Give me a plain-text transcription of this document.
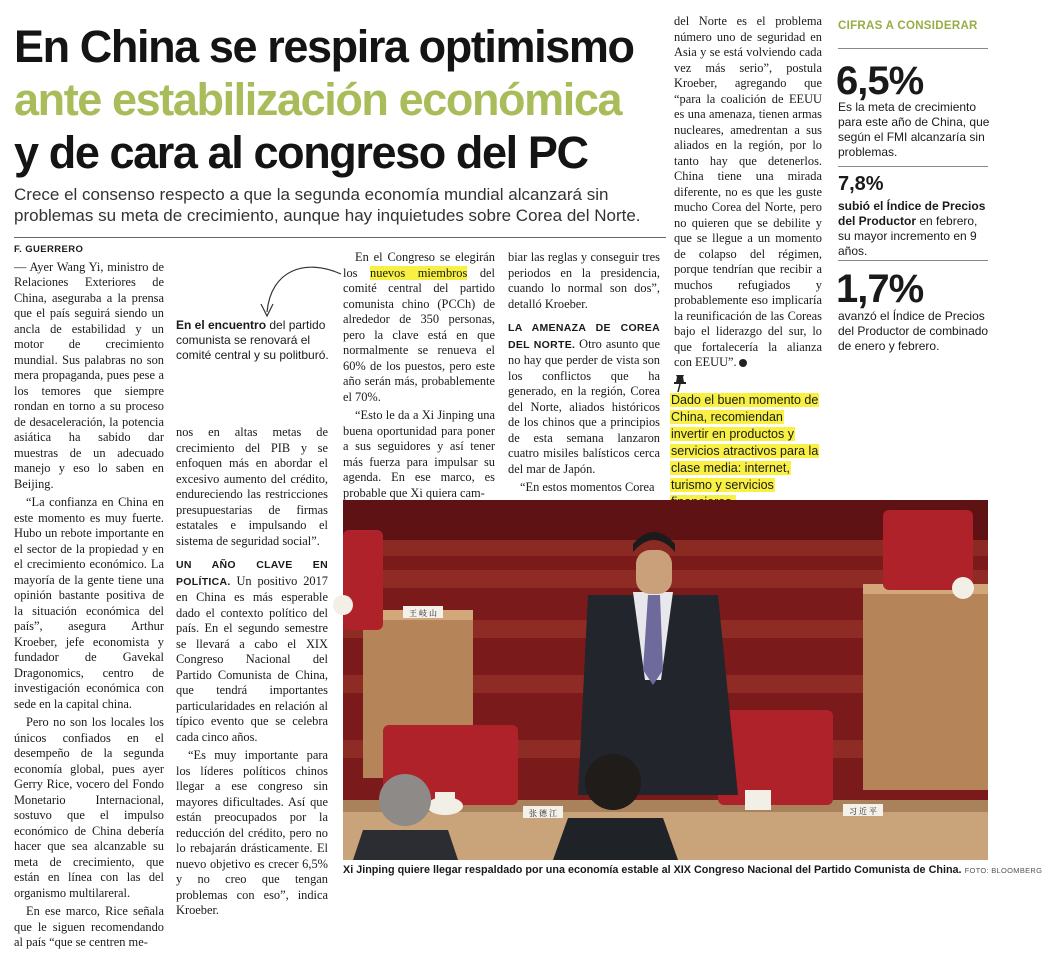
En China se respira optimismo
ante estabilización económica
y de cara al congreso del PC
Crece el consenso respecto a que la segunda economía mundial alcanzará sin problemas su meta de crecimiento, aunque hay inquietudes sobre Corea del Norte.
F. GUERRERO

— Ayer Wang Yi, ministro de Relaciones Exteriores de China, aseguraba a la prensa que el país seguirá siendo un ancla de estabilidad y un motor de crecimiento mundial. Sus palabras no son mera propaganda, pues pese a los temores que siempre rondan en torno a su proceso de desaceleración, la potencia asiática ha sabido dar muestras de un adecuado manejo y eso lo saben en Beijing.

“La confianza en China en este momento es muy fuerte. Hubo un rebote importante en el sector de la propiedad y en el crecimiento económico. La mayoría de la gente tiene una opinión bastante positiva de la situación económica del país”, asegura Arthur Kroeber, jefe economista y fundador de Gavekal Dragonomics, centro de investigación económica con sede en la capital china.

Pero no son los locales los únicos confiados en el desempeño de la segunda economía global, pues ayer Gerry Rice, vocero del Fondo Monetario Internacional, sostuvo que el impulso económico de China debería hacer que sea alcanzable su meta de crecimiento, que están en línea con las del organismo multilareral.

En ese marco, Rice señala que le siguen recomendando al país “que se centren me-

En el encuentro del partido comunista se renovará el comité central y su politburó.

nos en altas metas de crecimiento del PIB y se enfoquen más en abordar el excesivo aumento del crédito, endureciendo las restricciones presupuestarias de firmas estatales e impulsando el sistema de seguridad social”.

UN AÑO CLAVE EN POLÍTICA. Un positivo 2017 en China es más esperable dado el contexto político del país. En el segundo semestre se llevará a cabo el XIX Congreso Nacional del Partido Comunista de China, que tendrá importantes particularidades en relación al típico evento que se celebra cada cinco años.

“Es muy importante para los líderes políticos chinos llegar a ese congreso sin mayores dificultades. Así que están preocupados por la reducción del crédito, pero no lo rebajarán drásticamente. El nuevo objetivo es crecer 6,5% y no creo que tengan problemas con eso”, indica Kroeber.

En el Congreso se elegirán los nuevos miembros del comité central del partido comunista chino (PCCh) de alrededor de 350 personas, pero la clave está en que normalmente se renueva el 60% de los puestos, pero este año serán más, probablemente el 70%.

“Esto le da a Xi Jinping una buena oportunidad para poner a sus seguidores y así tener más fuerza para impulsar su agenda. En ese marco, es probable que Xi quiera cam-

biar las reglas y conseguir tres periodos en la presidencia, cuando lo normal son dos”, detalló Kroeber.

LA AMENAZA DE COREA DEL NORTE. Otro asunto que no hay que perder de vista son los conflictos que ha generado, en la región, Corea del Norte, aliados históricos de los chinos que a principios de esta semana lanzaron cuatro misiles balísticos cerca del mar de Japón.

“En estos momentos Corea

del Norte es el problema número uno de seguridad en Asia y se está volviendo cada vez más serio”, postula Kroeber, agregando que “para la coalición de EEUU es una amenaza, tienen armas nucleares, amedrentan a sus aliados en la región, por lo tanto hay que detenerlos. China tiene una mirada diferente, no es que les guste mucho Corea del Norte, pero no quieren que se debilite y que se llegue a un momento de colapso del régimen, porque tendrían que recibir a muchos refugiados y probablemente eso implicaría la reunificación de las Coreas bajo el liderazgo del sur, lo que fortalecería la alianza con EEUU”.

Dado el buen momento de China, recomiendan invertir en productos y servicios atractivos para la clase media: internet, turismo y servicios
CIFRAS A CONSIDERAR
6,5%
Es la meta de crecimiento para este año de China, que según el FMI alcanzaría sin problemas.
7,8%
subió el Índice de Precios del Productor en febrero, su mayor incremento en 9 años.
1,7%
avanzó el Índice de Precios del Productor de combinado de enero y febrero.
王 岐 山
张 德 江	习 近 平
Xi Jinping quiere llegar respaldado por una economía estable al XIX Congreso Nacional del Partido Comunista de China. FOTO: BLOOMBERG
